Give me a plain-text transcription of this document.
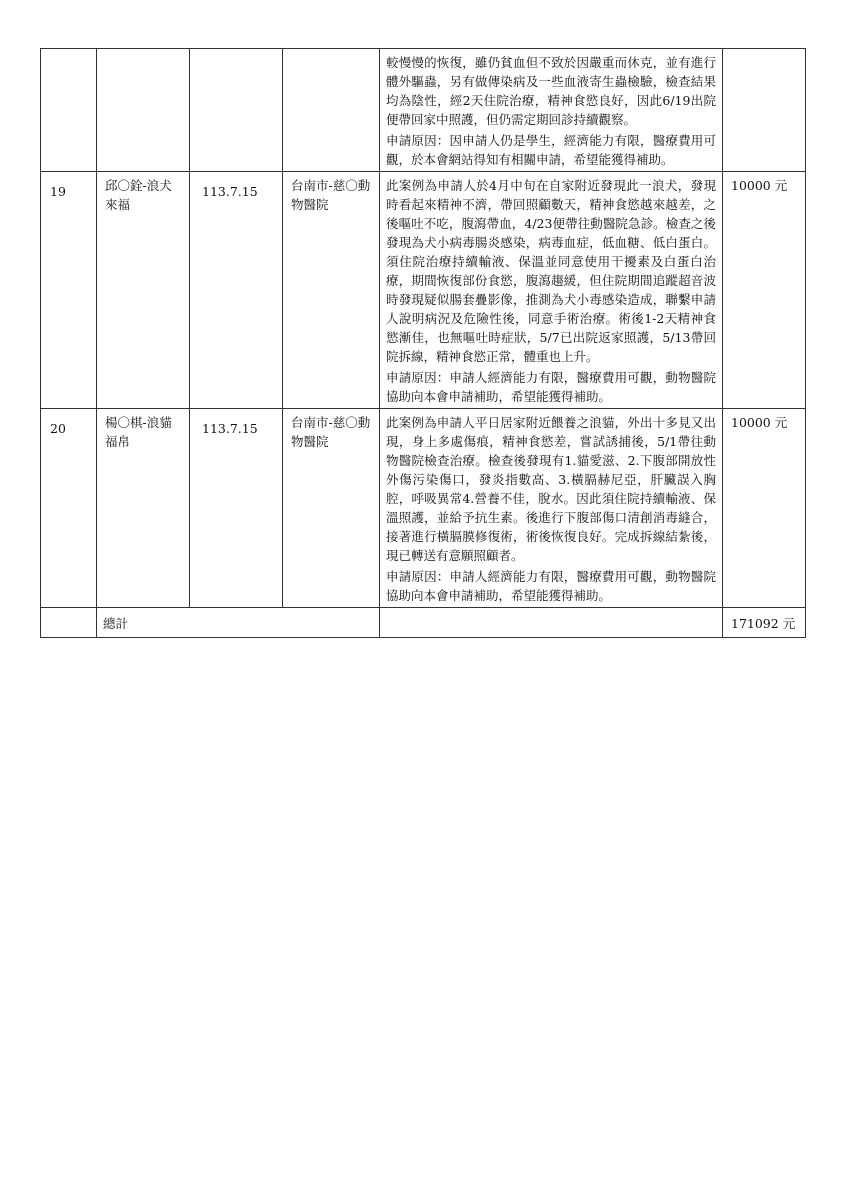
				較慢慢的恢復，雖仍貧血但不致於因嚴重而休克，並有進行體外驅蟲，另有做傳染病及一些血液寄生蟲檢驗，檢查結果均為陰性，經2天住院治療，精神食慾良好，因此6/19出院便帶回家中照護，但仍需定期回診持續觀察。

申請原因：因申請人仍是學生，經濟能力有限，醫療費用可觀，於本會網站得知有相關申請，希望能獲得補助。	

19	邱〇銓-浪犬來福	113.7.15	台南市-慈〇動物醫院	此案例為申請人於4月中旬在自家附近發現此一浪犬，發現時看起來精神不濟，帶回照顧數天，精神食慾越來越差，之後嘔吐不吃，腹瀉帶血，4/23便帶往動醫院急診。檢查之後發現為犬小病毒腸炎感染，病毒血症，低血糖、低白蛋白。須住院治療持續輸液、保溫並同意使用干擾素及白蛋白治療，期間恢復部份食慾，腹瀉趨緩，但住院期間追蹤超音波時發現疑似腸套疊影像，推測為犬小毒感染造成，聯繫申請人說明病況及危險性後，同意手術治療。術後1-2天精神食慾漸佳，也無嘔吐時症狀，5/7已出院返家照護，5/13帶回院拆線，精神食慾正常，體重也上升。

申請原因：申請人經濟能力有限，醫療費用可觀，動物醫院協助向本會申請補助，希望能獲得補助。	10000 元
20	楊〇棋-浪貓福帛	113.7.15	台南市-慈〇動物醫院	此案例為申請人平日居家附近餵養之浪貓，外出十多見又出現，身上多處傷痕，精神食慾差，嘗試誘捕後，5/1帶往動物醫院檢查治療。檢查後發現有1.貓愛滋、2.下腹部開放性外傷污染傷口，發炎指數高、3.橫膈赫尼亞，肝臟誤入胸腔，呼吸異常4.營養不佳，脫水。因此須住院持續輸液、保溫照護，並給予抗生素。後進行下腹部傷口清創消毒縫合，接著進行橫膈膜修復術，術後恢復良好。完成拆線結紮後，現已轉送有意願照顧者。

申請原因：申請人經濟能力有限，醫療費用可觀，動物醫院協助向本會申請補助，希望能獲得補助。	10000 元
	總計				171092 元
